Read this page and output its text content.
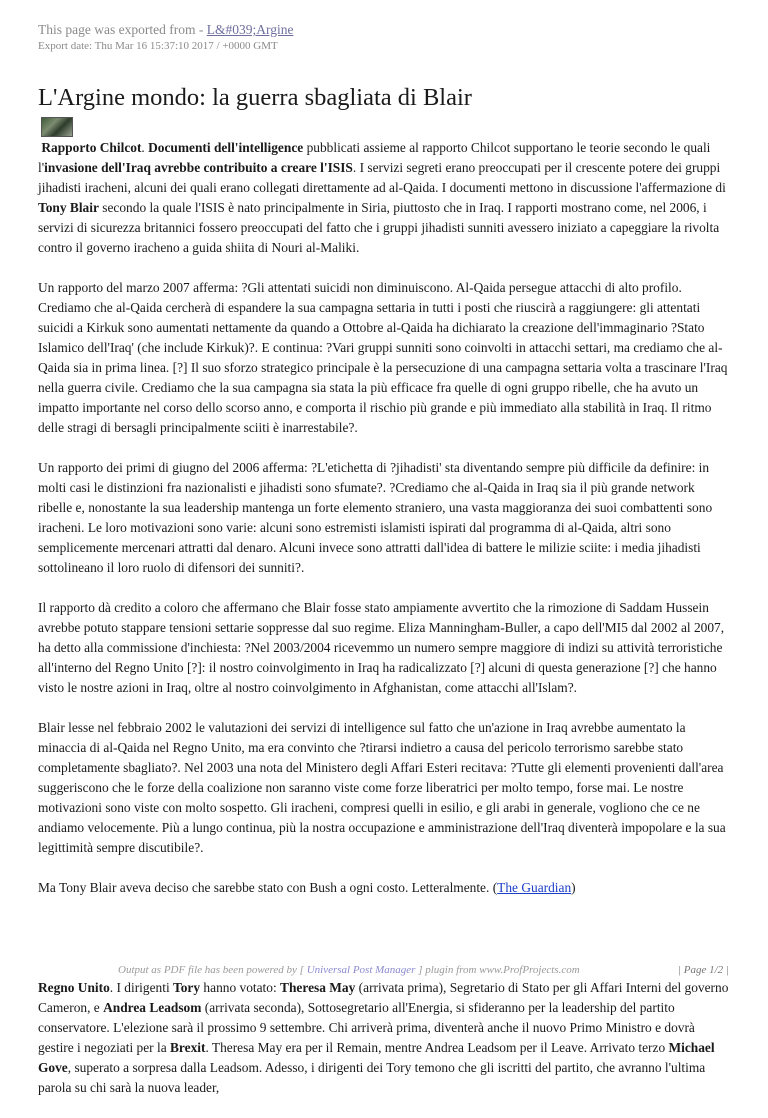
This page was exported from - L&#039;Argine
Export date: Thu Mar 16 15:37:10 2017 / +0000 GMT
L'Argine mondo: la guerra sbagliata di Blair

Rapporto Chilcot. Documenti dell'intelligence pubblicati assieme al rapporto Chilcot supportano le teorie secondo le quali l'invasione dell'Iraq avrebbe contribuito a creare l'ISIS. I servizi segreti erano preoccupati per il crescente potere dei gruppi jihadisti iracheni, alcuni dei quali erano collegati direttamente ad al-Qaida. I documenti mettono in discussione l'affermazione di Tony Blair secondo la quale l'ISIS è nato principalmente in Siria, piuttosto che in Iraq. I rapporti mostrano come, nel 2006, i servizi di sicurezza britannici fossero preoccupati del fatto che i gruppi jihadisti sunniti avessero iniziato a capeggiare la rivolta contro il governo iracheno a guida shiita di Nouri al-Maliki.

Un rapporto del marzo 2007 afferma: ?Gli attentati suicidi non diminuiscono. Al-Qaida persegue attacchi di alto profilo. Crediamo che al-Qaida cercherà di espandere la sua campagna settaria in tutti i posti che riuscirà a raggiungere: gli attentati suicidi a Kirkuk sono aumentati nettamente da quando a Ottobre al-Qaida ha dichiarato la creazione dell'immaginario ?Stato Islamico dell'Iraq' (che include Kirkuk)?. E continua: ?Vari gruppi sunniti sono coinvolti in attacchi settari, ma crediamo che al-Qaida sia in prima linea. [?] Il suo sforzo strategico principale è la persecuzione di una campagna settaria volta a trascinare l'Iraq nella guerra civile. Crediamo che la sua campagna sia stata la più efficace fra quelle di ogni gruppo ribelle, che ha avuto un impatto importante nel corso dello scorso anno, e comporta il rischio più grande e più immediato alla stabilità in Iraq. Il ritmo delle stragi di bersagli principalmente sciiti è inarrestabile?.

Un rapporto dei primi di giugno del 2006 afferma: ?L'etichetta di ?jihadisti' sta diventando sempre più difficile da definire: in molti casi le distinzioni fra nazionalisti e jihadisti sono sfumate?. ?Crediamo che al-Qaida in Iraq sia il più grande network ribelle e, nonostante la sua leadership mantenga un forte elemento straniero, una vasta maggioranza dei suoi combattenti sono iracheni. Le loro motivazioni sono varie: alcuni sono estremisti islamisti ispirati dal programma di al-Qaida, altri sono semplicemente mercenari attratti dal denaro. Alcuni invece sono attratti dall'idea di battere le milizie sciite: i media jihadisti sottolineano il loro ruolo di difensori dei sunniti?.

Il rapporto dà credito a coloro che affermano che Blair fosse stato ampiamente avvertito che la rimozione di Saddam Hussein avrebbe potuto stappare tensioni settarie soppresse dal suo regime. Eliza Manningham-Buller, a capo dell'MI5 dal 2002 al 2007, ha detto alla commissione d'inchiesta: ?Nel 2003/2004 ricevemmo un numero sempre maggiore di indizi su attività terroristiche all'interno del Regno Unito [?]: il nostro coinvolgimento in Iraq ha radicalizzato [?] alcuni di questa generazione [?] che hanno visto le nostre azioni in Iraq, oltre al nostro coinvolgimento in Afghanistan, come attacchi all'Islam?.

Blair lesse nel febbraio 2002 le valutazioni dei servizi di intelligence sul fatto che un'azione in Iraq avrebbe aumentato la minaccia di al-Qaida nel Regno Unito, ma era convinto che ?tirarsi indietro a causa del pericolo terrorismo sarebbe stato completamente sbagliato?. Nel 2003 una nota del Ministero degli Affari Esteri recitava: ?Tutte gli elementi provenienti dall'area suggeriscono che le forze della coalizione non saranno viste come forze liberatrici per molto tempo, forse mai. Le nostre motivazioni sono viste con molto sospetto. Gli iracheni, compresi quelli in esilio, e gli arabi in generale, vogliono che ce ne andiamo velocemente. Più a lungo continua, più la nostra occupazione e amministrazione dell'Iraq diventerà impopolare e la sua legittimità sempre discutibile?.

Ma Tony Blair aveva deciso che sarebbe stato con Bush a ogni costo. Letteralmente. (The Guardian)

Regno Unito. I dirigenti Tory hanno votato: Theresa May (arrivata prima), Segretario di Stato per gli Affari Interni del governo Cameron, e Andrea Leadsom (arrivata seconda), Sottosegretario all'Energia, si sfideranno per la leadership del partito conservatore. L'elezione sarà il prossimo 9 settembre. Chi arriverà prima, diventerà anche il nuovo Primo Ministro e dovrà gestire i negoziati per la Brexit. Theresa May era per il Remain, mentre Andrea Leadsom per il Leave. Arrivato terzo Michael Gove, superato a sorpresa dalla Leadsom. Adesso, i dirigenti dei Tory temono che gli iscritti del partito, che avranno l'ultima parola su chi sarà la nuova leader,

Output as PDF file has been powered by [ Universal Post Manager ] plugin from www.ProfProjects.com	| Page 1/2 |
